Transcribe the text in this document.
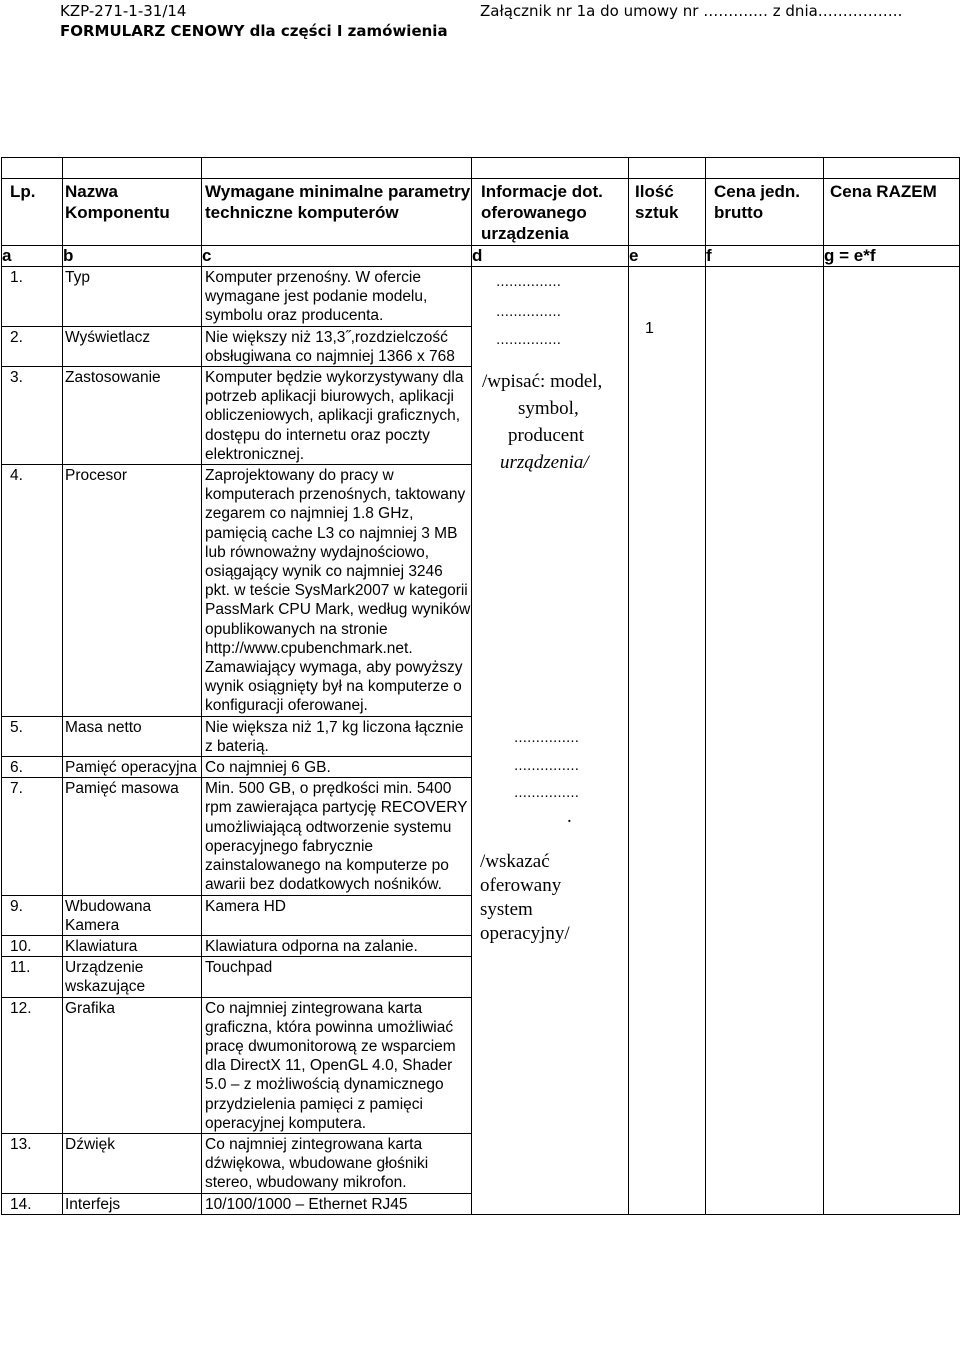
KZP-271-1-31/14	Załącznik nr 1a do umowy nr ……….… z dnia……………..
FORMULARZ CENOWY dla części I zamówienia

Lp.	Nazwa Komponentu	Wymagane minimalne parametry techniczne komputerów	Informacje dot. oferowanego urządzenia	Ilość sztuk	Cena jedn. brutto	Cena RAZEM
a	b	c	d	e	f	g = e*f
1.	Typ	Komputer przenośny. W ofercie wymagane jest podanie modelu, symbolu oraz producenta.				
2.	Wyświetlacz	Nie większy niż 13,3˝,rozdzielczość obsługiwana co najmniej 1366 x 768				
3.	Zastosowanie	Komputer będzie wykorzystywany dla potrzeb aplikacji biurowych, aplikacji obliczeniowych, aplikacji graficznych, dostępu do internetu oraz poczty elektronicznej.				
4.	Procesor	Zaprojektowany do pracy w komputerach przenośnych, taktowany zegarem co najmniej 1.8 GHz, pamięcią cache L3 co najmniej 3 MB lub równoważny wydajnościowo, osiągający wynik co najmniej 3246 pkt. w teście SysMark2007 w kategorii PassMark CPU Mark, według wyników opublikowanych na stronie http://www.cpubenchmark.net. Zamawiający wymaga, aby powyższy wynik osiągnięty był na komputerze o konfiguracji oferowanej.				
5.	Masa netto	Nie większa niż 1,7 kg liczona łącznie z baterią.				
6.	Pamięć operacyjna	Co najmniej 6 GB.				
7.	Pamięć masowa	Min. 500 GB, o prędkości min. 5400 rpm zawierająca partycję RECOVERY umożliwiającą odtworzenie systemu operacyjnego fabrycznie zainstalowanego na komputerze po awarii bez dodatkowych nośników.				
9.	Wbudowana Kamera	Kamera HD				
10.	Klawiatura	Klawiatura odporna na zalanie.				
11.	Urządzenie wskazujące	Touchpad				
12.	Grafika	Co najmniej zintegrowana karta graficzna, która powinna umożliwiać pracę dwumonitorową ze wsparciem dla DirectX 11, OpenGL 4.0, Shader 5.0 – z możliwością dynamicznego przydzielenia pamięci z pamięci operacyjnej komputera.				
13.	Dźwięk	Co najmniej zintegrowana karta dźwiękowa, wbudowane głośniki stereo, wbudowany mikrofon.				
14.	Interfejs	10/100/1000 – Ethernet RJ45				
……………
……………
……………
/wpisać: model,
symbol,
producent
urządzenia/
……………
……………
……………
.
/wskazać
oferowany
system
operacyjny/
1
